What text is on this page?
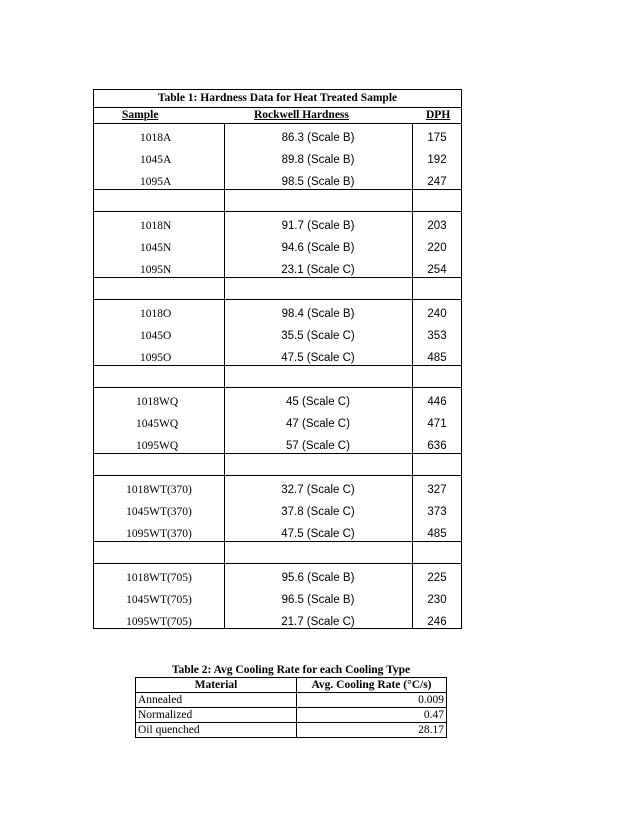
Table 1: Hardness Data for Heat Treated Sample
Sample	Rockwell Hardness	DPH
1018A	86.3 (Scale B)	175
1045A	89.8 (Scale B)	192
1095A	98.5 (Scale B)	247
1018N	91.7 (Scale B)	203
1045N	94.6 (Scale B)	220
1095N	23.1 (Scale C)	254
1018O	98.4 (Scale B)	240
1045O	35.5 (Scale C)	353
1095O	47.5 (Scale C)	485
1018WQ	45 (Scale C)	446
1045WQ	47 (Scale C)	471
1095WQ	57 (Scale C)	636
1018WT(370)	32.7 (Scale C)	327
1045WT(370)	37.8 (Scale C)	373
1095WT(370)	47.5 (Scale C)	485
1018WT(705)	95.6 (Scale B)	225
1045WT(705)	96.5 (Scale B)	230
1095WT(705)	21.7 (Scale C)	246
Table 2: Avg Cooling Rate for each Cooling Type
Material	Avg. Cooling Rate (°C/s)
Annealed	0.009
Normalized	0.47
Oil quenched	28.17
